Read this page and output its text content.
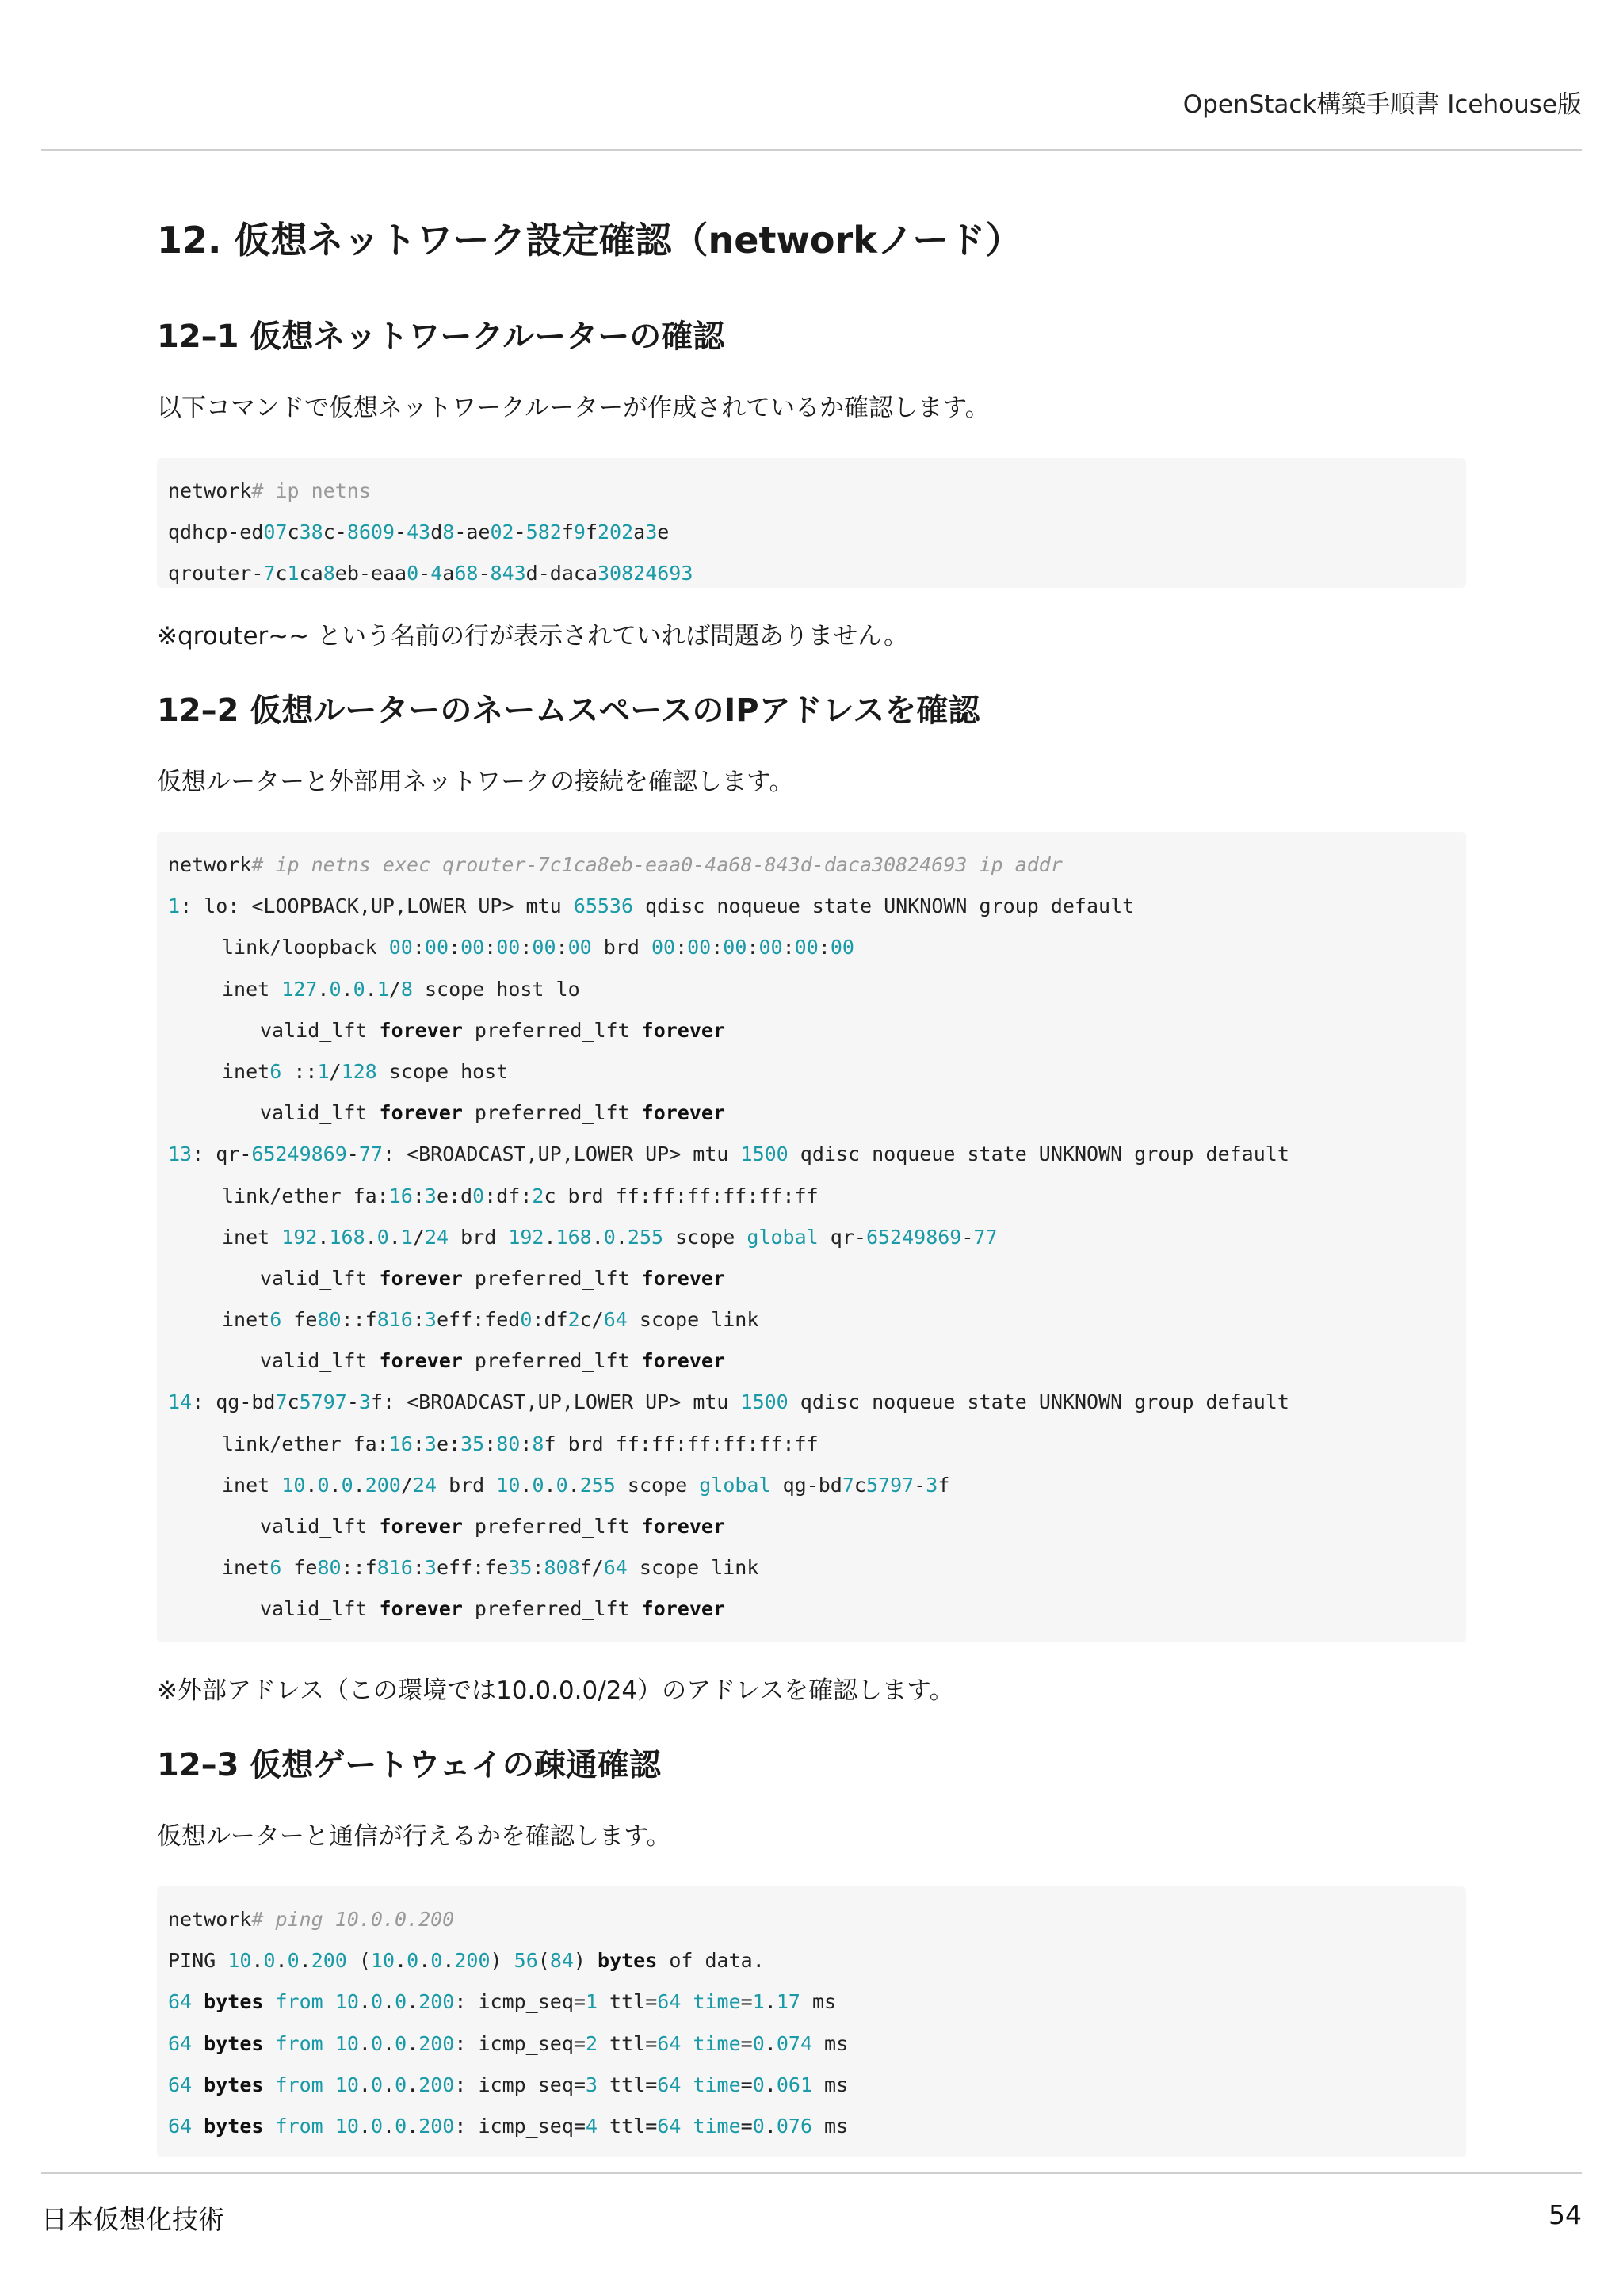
OpenStack構築手順書 Icehouse版
12. 仮想ネットワーク設定確認（networkノード）
12–1 仮想ネットワークルーターの確認

以下コマンドで仮想ネットワークルーターが作成されているか確認します。

network# ip netns
qdhcp-ed07c38c-8609-43d8-ae02-582f9f202a3e
qrouter-7c1ca8eb-eaa0-4a68-843d-daca30824693

※qrouter~~ という名前の行が表示されていれば問題ありません。

12–2 仮想ルーターのネームスペースのIPアドレスを確認

仮想ルーターと外部用ネットワークの接続を確認します。

network# ip netns exec qrouter-7c1ca8eb-eaa0-4a68-843d-daca30824693 ip addr
1: lo: <LOOPBACK,UP,LOWER_UP> mtu 65536 qdisc noqueue state UNKNOWN group default
link/loopback 00:00:00:00:00:00 brd 00:00:00:00:00:00
inet 127.0.0.1/8 scope host lo
valid_lft forever preferred_lft forever
inet6 ::1/128 scope host
valid_lft forever preferred_lft forever
13: qr-65249869-77: <BROADCAST,UP,LOWER_UP> mtu 1500 qdisc noqueue state UNKNOWN group default
link/ether fa:16:3e:d0:df:2c brd ff:ff:ff:ff:ff:ff
inet 192.168.0.1/24 brd 192.168.0.255 scope global qr-65249869-77
valid_lft forever preferred_lft forever
inet6 fe80::f816:3eff:fed0:df2c/64 scope link
valid_lft forever preferred_lft forever
14: qg-bd7c5797-3f: <BROADCAST,UP,LOWER_UP> mtu 1500 qdisc noqueue state UNKNOWN group default
link/ether fa:16:3e:35:80:8f brd ff:ff:ff:ff:ff:ff
inet 10.0.0.200/24 brd 10.0.0.255 scope global qg-bd7c5797-3f
valid_lft forever preferred_lft forever
inet6 fe80::f816:3eff:fe35:808f/64 scope link
valid_lft forever preferred_lft forever

※外部アドレス（この環境では10.0.0.0/24）のアドレスを確認します。

12–3 仮想ゲートウェイの疎通確認

仮想ルーターと通信が行えるかを確認します。

network# ping 10.0.0.200
PING 10.0.0.200 (10.0.0.200) 56(84) bytes of data.
64 bytes from 10.0.0.200: icmp_seq=1 ttl=64 time=1.17 ms
64 bytes from 10.0.0.200: icmp_seq=2 ttl=64 time=0.074 ms
64 bytes from 10.0.0.200: icmp_seq=3 ttl=64 time=0.061 ms
64 bytes from 10.0.0.200: icmp_seq=4 ttl=64 time=0.076 ms
日本仮想化技術	54
